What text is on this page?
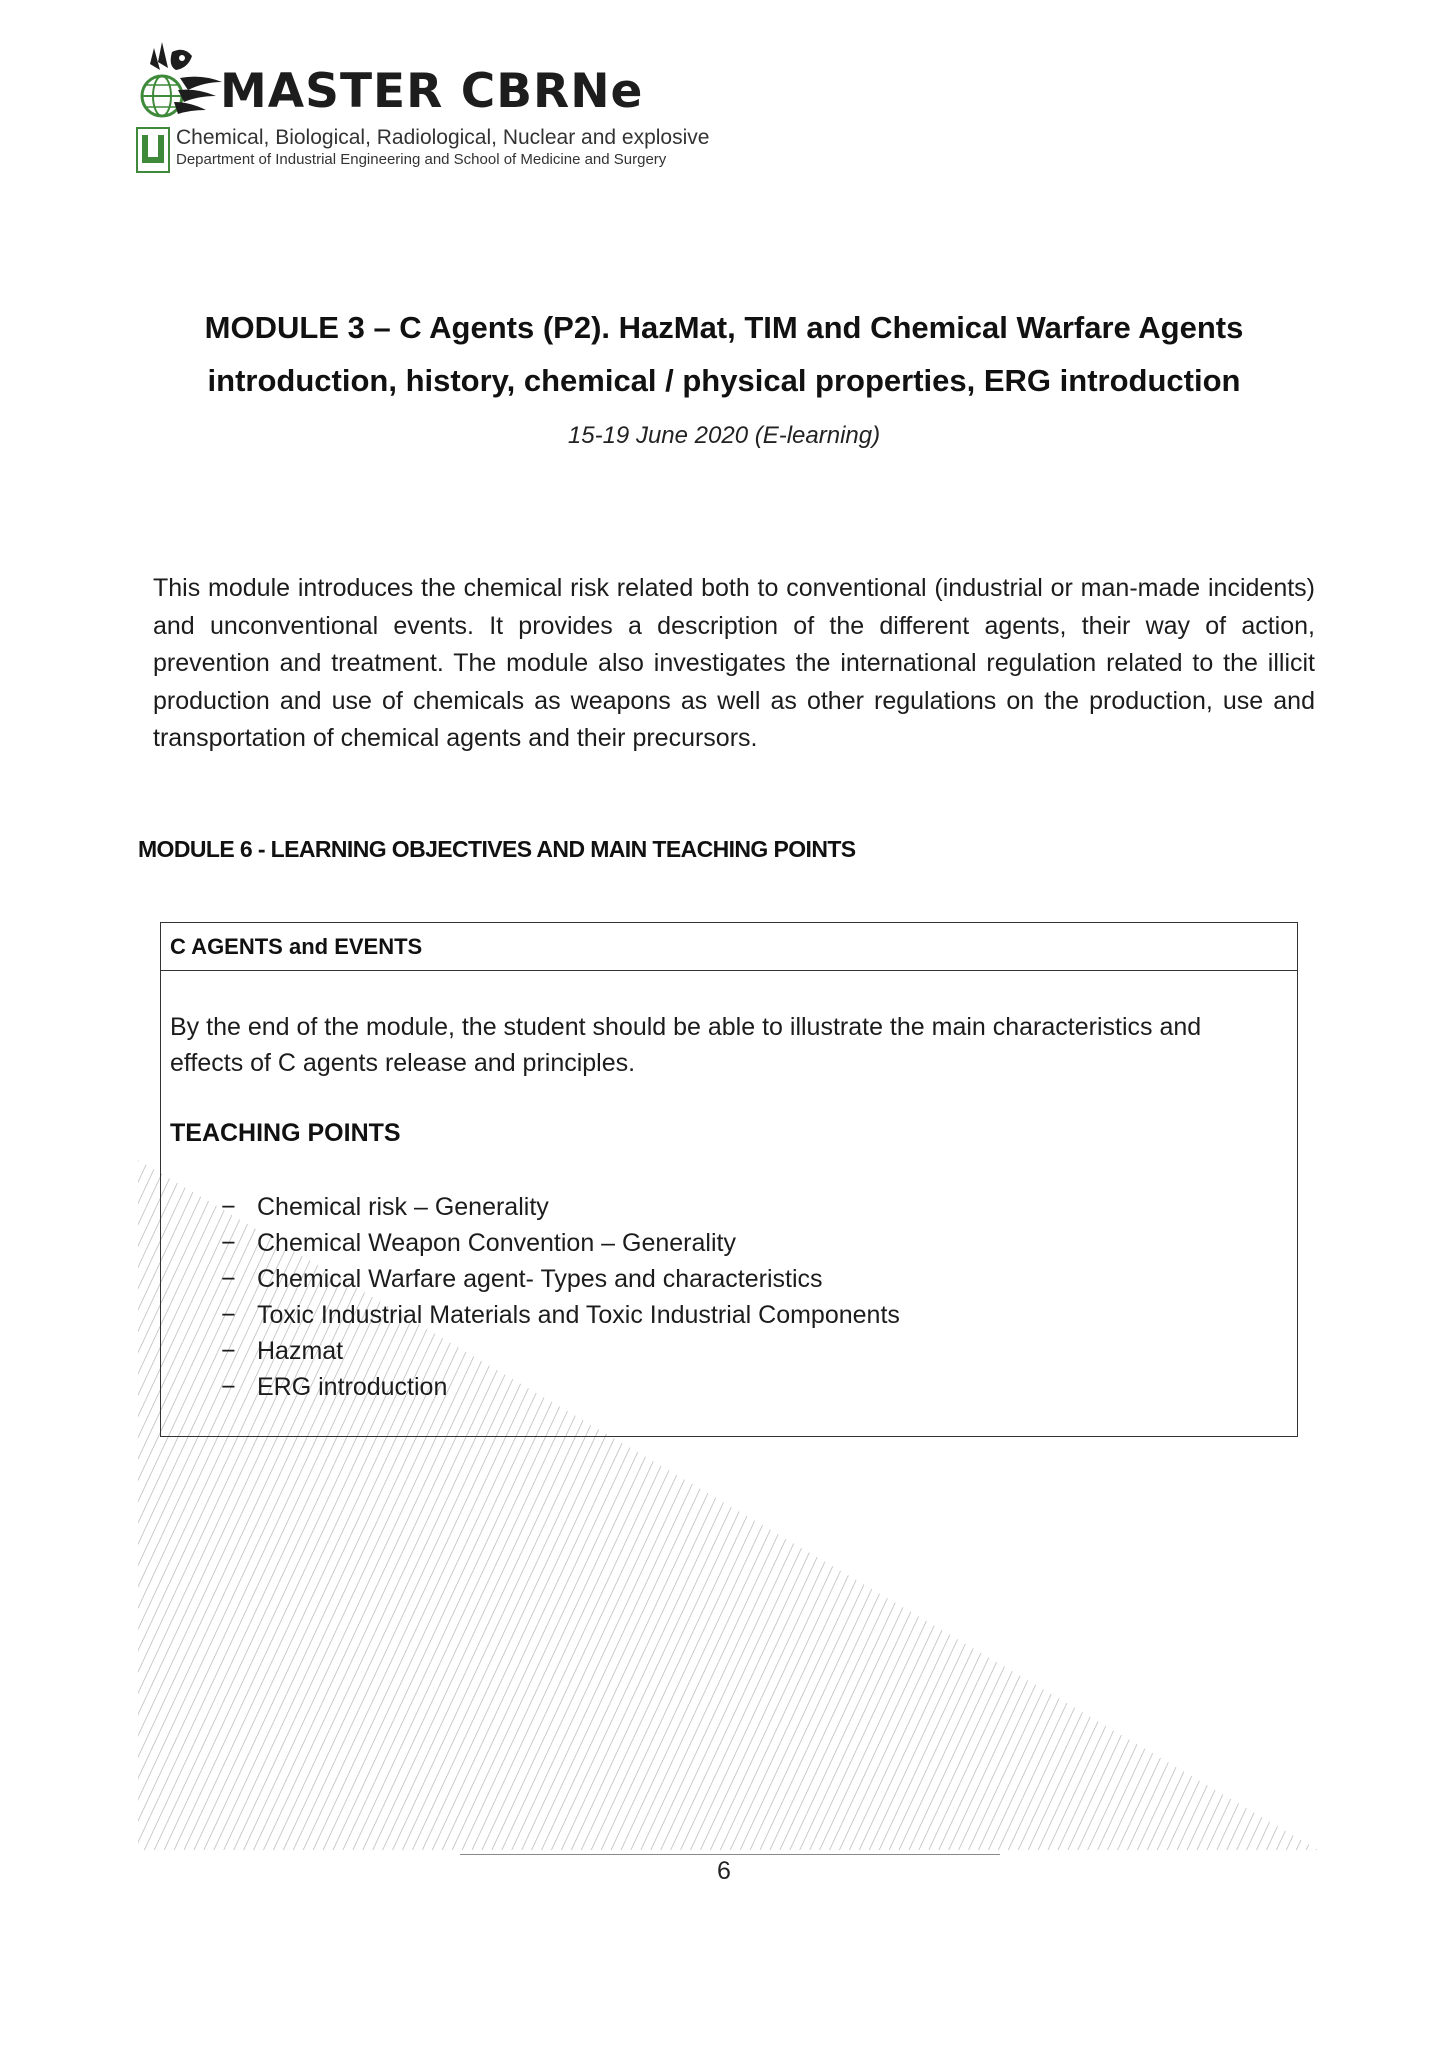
MASTER CBRNe
Chemical, Biological, Radiological, Nuclear and explosive
Department of Industrial Engineering and School of Medicine and Surgery
MODULE 3 – C Agents (P2). HazMat, TIM and Chemical Warfare Agents
introduction, history, chemical / physical properties, ERG introduction
15-19 June 2020 (E-learning)

This module introduces the chemical risk related both to conventional (industrial or man-made incidents) and unconventional events. It provides a description of the different agents, their way of action, prevention and treatment. The module also investigates the international regulation related to the illicit production and use of chemicals as weapons as well as other regulations on the production, use and transportation of chemical agents and their precursors.

MODULE 6 - LEARNING OBJECTIVES AND MAIN TEACHING POINTS
C AGENTS and EVENTS

By the end of the module, the student should be able to illustrate the main characteristics and effects of C agents release and principles.

TEACHING POINTS
− Chemical risk – Generality
− Chemical Weapon Convention – Generality
− Chemical Warfare agent- Types and characteristics
− Toxic Industrial Materials and Toxic Industrial Components
− Hazmat
− ERG introduction
6
